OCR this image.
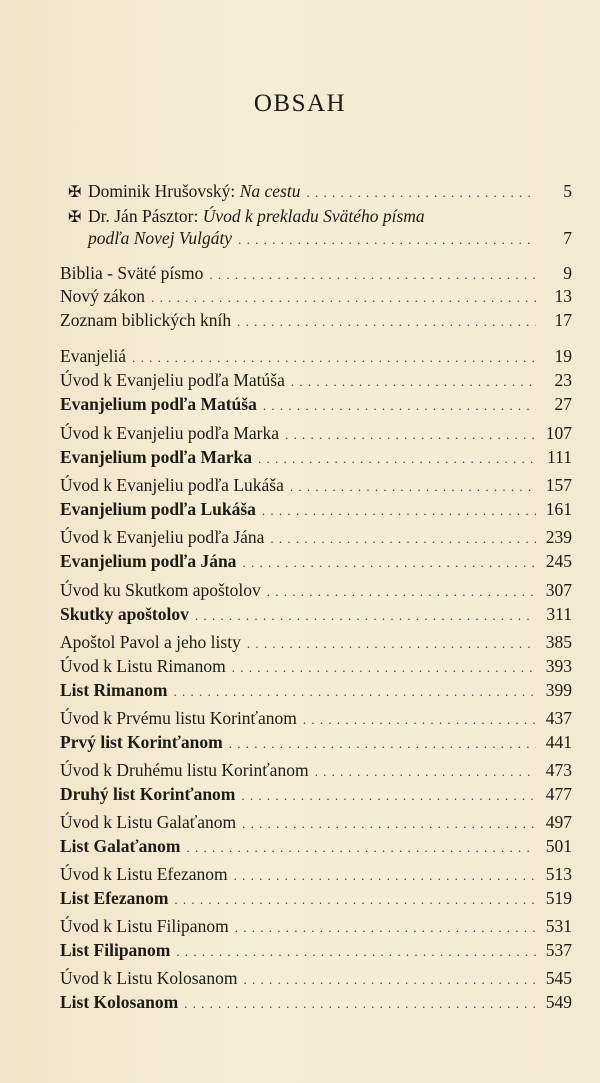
OBSAH
✠ Dominik Hrušovský: Na cestu . . .	5
✠ Dr. Ján Pásztor: Úvod k prekladu Svätého písma
podľa Novej Vulgáty . . .	7
Biblia - Sväté písmo . . .	9
Nový zákon . . .	13
Zoznam biblických kníh . . .	17
Evanjeliá . . .	19
Úvod k Evanjeliu podľa Matúša . . .	23
Evanjelium podľa Matúša . . .	27
Úvod k Evanjeliu podľa Marka . . .	107
Evanjelium podľa Marka . . .	111
Úvod k Evanjeliu podľa Lukáša . . .	157
Evanjelium podľa Lukáša . . .	161
Úvod k Evanjeliu podľa Jána . . .	239
Evanjelium podľa Jána . . .	245
Úvod ku Skutkom apoštolov . . .	307
Skutky apoštolov . . .	311
Apoštol Pavol a jeho listy . . .	385
Úvod k Listu Rimanom . . .	393
List Rimanom . . .	399
Úvod k Prvému listu Korinťanom . . .	437
Prvý list Korinťanom . . .	441
Úvod k Druhému listu Korinťanom . . .	473
Druhý list Korinťanom . . .	477
Úvod k Listu Galaťanom . . .	497
List Galaťanom . . .	501
Úvod k Listu Efezanom . . .	513
List Efezanom . . .	519
Úvod k Listu Filipanom . . .	531
List Filipanom . . .	537
Úvod k Listu Kolosanom . . .	545
List Kolosanom . . .	549
